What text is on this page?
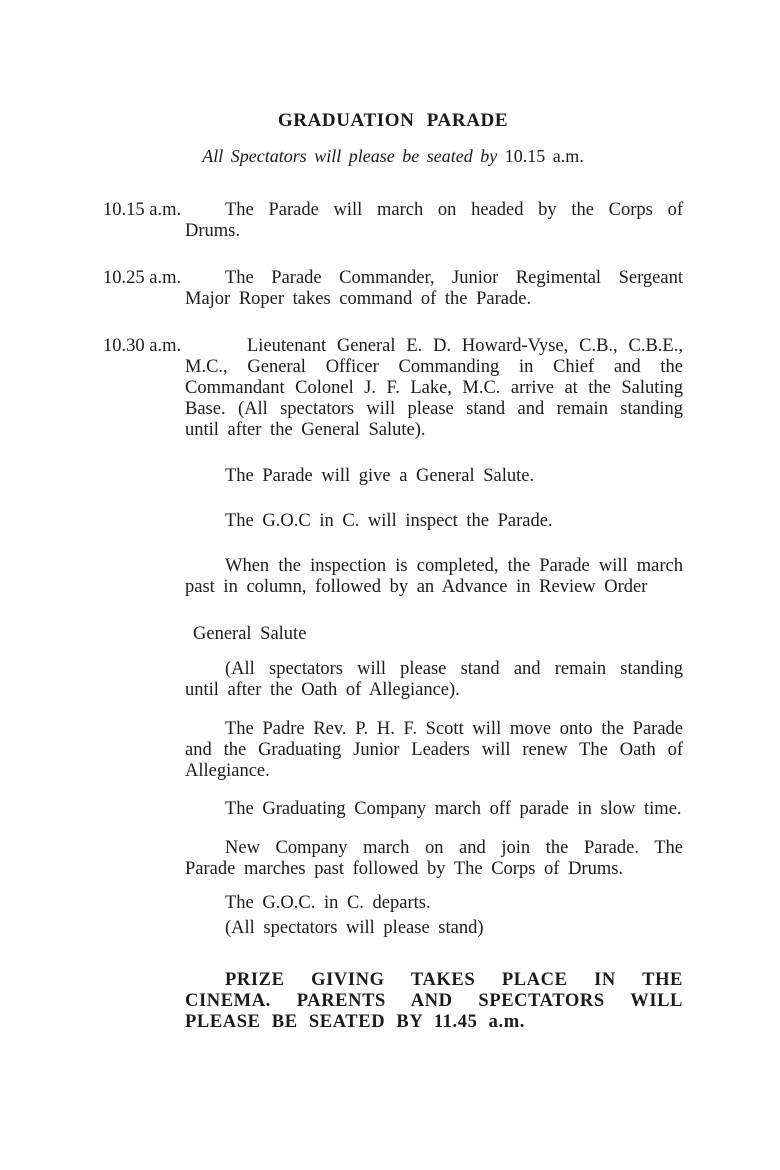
GRADUATION PARADE

All Spectators will please be seated by 10.15 a.m.

10.15 a.m.	The Parade will march on headed by the Corps of Drums.

10.25 a.m.	The Parade Commander, Junior Regimental Sergeant Major Roper takes command of the Parade.

10.30 a.m.	Lieutenant General E. D. Howard-Vyse, C.B., C.B.E., M.C., General Officer Commanding in Chief and the Commandant Colonel J. F. Lake, M.C. arrive at the Saluting Base. (All spectators will please stand and remain standing until after the General Salute).

The Parade will give a General Salute.

The G.O.C in C. will inspect the Parade.

When the inspection is completed, the Parade will march past in column, followed by an Advance in Review Order

General Salute

(All spectators will please stand and remain standing until after the Oath of Allegiance).

The Padre Rev. P. H. F. Scott will move onto the Parade and the Graduating Junior Leaders will renew The Oath of Allegiance.

The Graduating Company march off parade in slow time.

New Company march on and join the Parade. The Parade marches past followed by The Corps of Drums.

The G.O.C. in C. departs.

(All spectators will please stand)

PRIZE GIVING TAKES PLACE IN THE CINEMA. PARENTS AND SPECTATORS WILL PLEASE BE SEATED BY 11.45 a.m.
